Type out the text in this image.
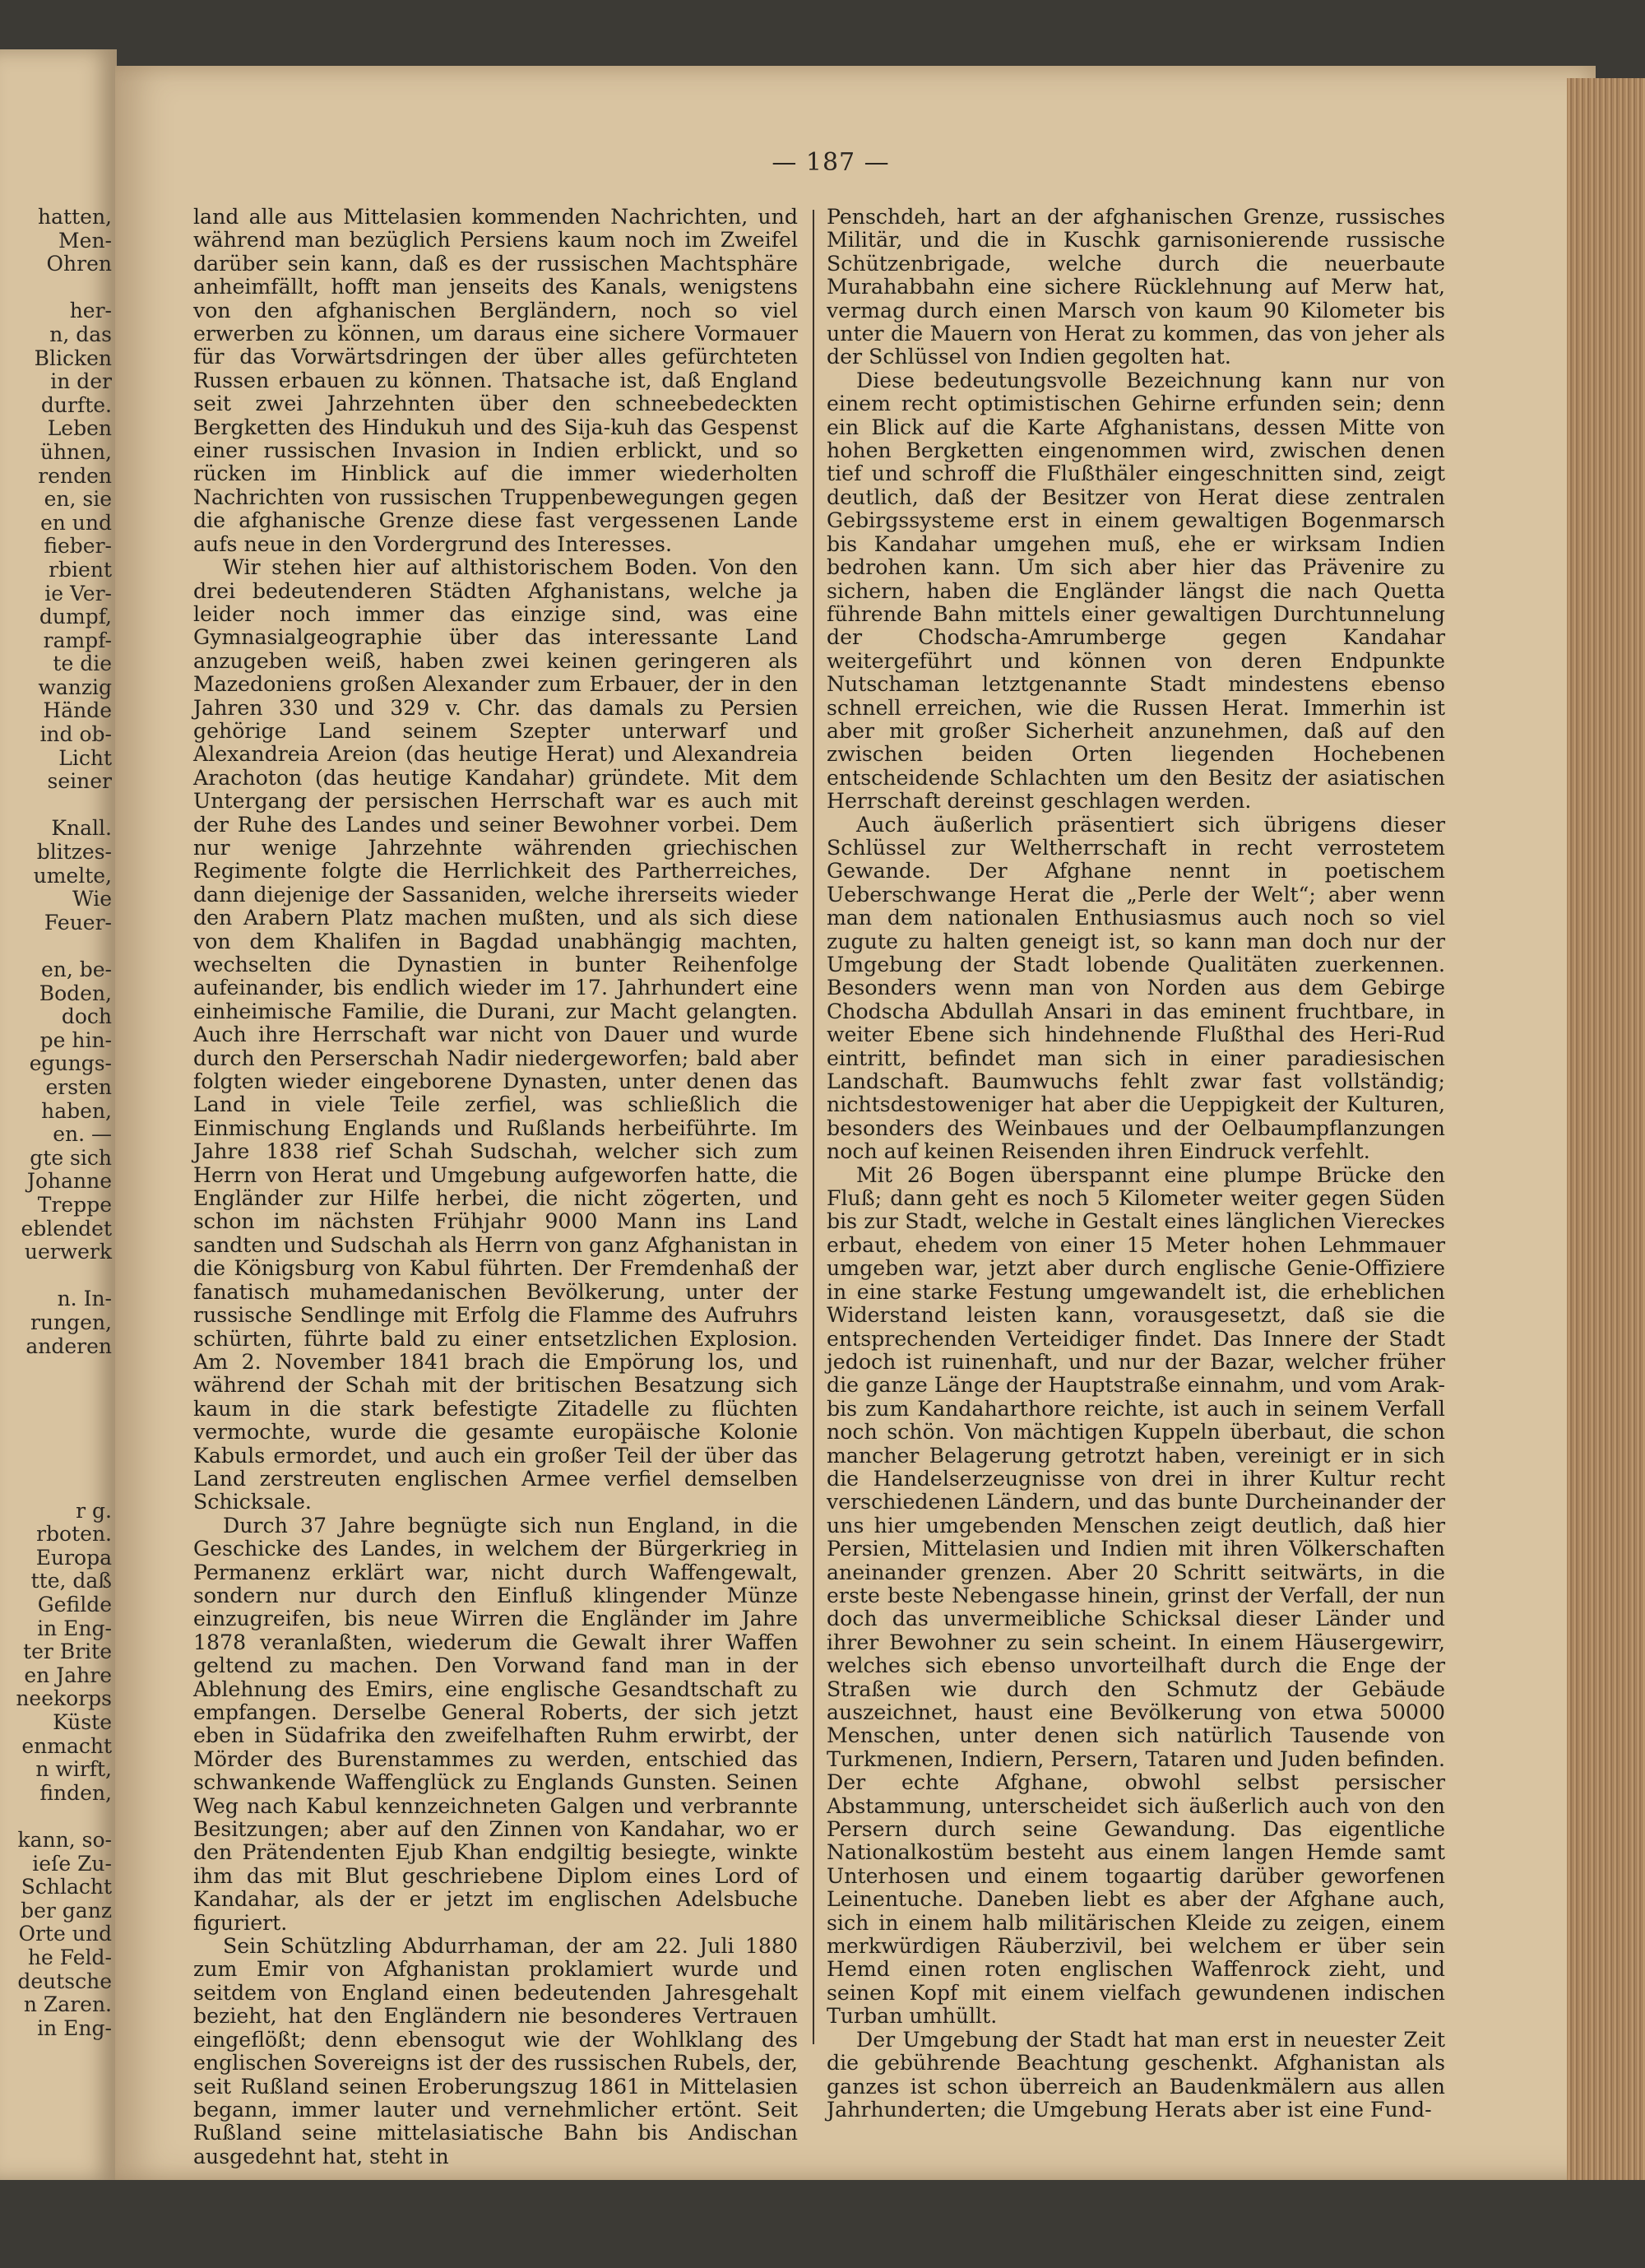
hatten,
Men-
Ohren
her-
n, das
Blicken
in der
durfte.
Leben
ühnen,
renden
en, sie
en und
fieber-
rbient
ie Ver-
dumpf,
rampf-
te die
wanzig
Hände
ind ob-
Licht
seiner
Knall.
blitzes-
umelte,
Wie
Feuer-
en, be-
Boden,
doch
pe hin-
egungs-
ersten
haben,
en. —
gte sich
Johanne
Treppe
eblendet
uerwerk
n. In-
rungen,
anderen
r g.
rboten.
Europa
tte, daß
Gefilde
in Eng-
ter Brite
en Jahre
neekorps
Küste
enmacht
n wirft,
finden,
kann, so-
ieſe Zu-
Schlacht
ber ganz
Orte und
he Feld-
deutsche
n Zaren.
in Eng-
— 187 —

land alle aus Mittelasien kommenden Nachrichten, und während man bezüglich Persiens kaum noch im Zweifel darüber sein kann, daß es der russischen Machtsphäre anheimfällt, hofft man jenseits des Kanals, wenigstens von den afghanischen Bergländern, noch so viel erwerben zu können, um daraus eine sichere Vormauer für das Vorwärtsdringen der über alles gefürchteten Russen erbauen zu können. Thatsache ist, daß England seit zwei Jahrzehnten über den schneebedeckten Bergketten des Hindukuh und des Sija-kuh das Gespenst einer russischen Invasion in Indien erblickt, und so rücken im Hinblick auf die immer wiederholten Nachrichten von russischen Truppenbewegungen gegen die afghanische Grenze diese fast vergessenen Lande aufs neue in den Vordergrund des Interesses.

Wir stehen hier auf althistorischem Boden. Von den drei bedeutenderen Städten Afghanistans, welche ja leider noch immer das einzige sind, was eine Gymnasialgeographie über das interessante Land anzugeben weiß, haben zwei keinen geringeren als Mazedoniens großen Alexander zum Erbauer, der in den Jahren 330 und 329 v. Chr. das damals zu Persien gehörige Land seinem Szepter unterwarf und Alexandreia Areion (das heutige Herat) und Alexandreia Arachoton (das heutige Kandahar) gründete. Mit dem Untergang der persischen Herrschaft war es auch mit der Ruhe des Landes und seiner Bewohner vorbei. Dem nur wenige Jahrzehnte währenden griechischen Regimente folgte die Herrlichkeit des Partherreiches, dann diejenige der Sassaniden, welche ihrerseits wieder den Arabern Platz machen mußten, und als sich diese von dem Khalifen in Bagdad unabhängig machten, wechselten die Dynastien in bunter Reihenfolge aufeinander, bis endlich wieder im 17. Jahrhundert eine einheimische Familie, die Durani, zur Macht gelangten. Auch ihre Herrschaft war nicht von Dauer und wurde durch den Perserschah Nadir niedergeworfen; bald aber folgten wieder eingeborene Dynasten, unter denen das Land in viele Teile zerfiel, was schließlich die Einmischung Englands und Rußlands herbeiführte. Im Jahre 1838 rief Schah Sudschah, welcher sich zum Herrn von Herat und Umgebung aufgeworfen hatte, die Engländer zur Hilfe herbei, die nicht zögerten, und schon im nächsten Frühjahr 9000 Mann ins Land sandten und Sudschah als Herrn von ganz Afghanistan in die Königsburg von Kabul führten. Der Fremdenhaß der fanatisch muhamedanischen Bevölkerung, unter der russische Sendlinge mit Erfolg die Flamme des Aufruhrs schürten, führte bald zu einer entsetzlichen Explosion. Am 2. November 1841 brach die Empörung los, und während der Schah mit der britischen Besatzung sich kaum in die stark befestigte Zitadelle zu flüchten vermochte, wurde die gesamte europäische Kolonie Kabuls ermordet, und auch ein großer Teil der über das Land zerstreuten englischen Armee verfiel demselben Schicksale.

Durch 37 Jahre begnügte sich nun England, in die Geschicke des Landes, in welchem der Bürgerkrieg in Permanenz erklärt war, nicht durch Waffengewalt, sondern nur durch den Einfluß klingender Münze einzugreifen, bis neue Wirren die Engländer im Jahre 1878 veranlaßten, wiederum die Gewalt ihrer Waffen geltend zu machen. Den Vorwand fand man in der Ablehnung des Emirs, eine englische Gesandtschaft zu empfangen. Derselbe General Roberts, der sich jetzt eben in Südafrika den zweifelhaften Ruhm erwirbt, der Mörder des Burenstammes zu werden, entschied das schwankende Waffenglück zu Englands Gunsten. Seinen Weg nach Kabul kennzeichneten Galgen und verbrannte Besitzungen; aber auf den Zinnen von Kandahar, wo er den Prätendenten Ejub Khan endgiltig besiegte, winkte ihm das mit Blut geschriebene Diplom eines Lord of Kandahar, als der er jetzt im englischen Adelsbuche figuriert.

Sein Schützling Abdurrhaman, der am 22. Juli 1880 zum Emir von Afghanistan proklamiert wurde und seitdem von England einen bedeutenden Jahresgehalt bezieht, hat den Engländern nie besonderes Vertrauen eingeflößt; denn ebensogut wie der Wohlklang des englischen Sovereigns ist der des russischen Rubels, der, seit Rußland seinen Eroberungszug 1861 in Mittelasien begann, immer lauter und vernehmlicher ertönt. Seit Rußland seine mittelasiatische Bahn bis Andischan ausgedehnt hat, steht in

Penschdeh, hart an der afghanischen Grenze, russisches Militär, und die in Kuschk garnisonierende russische Schützenbrigade, welche durch die neuerbaute Murahabbahn eine sichere Rücklehnung auf Merw hat, vermag durch einen Marsch von kaum 90 Kilometer bis unter die Mauern von Herat zu kommen, das von jeher als der Schlüssel von Indien gegolten hat.

Diese bedeutungsvolle Bezeichnung kann nur von einem recht optimistischen Gehirne erfunden sein; denn ein Blick auf die Karte Afghanistans, dessen Mitte von hohen Bergketten eingenommen wird, zwischen denen tief und schroff die Flußthäler eingeschnitten sind, zeigt deutlich, daß der Besitzer von Herat diese zentralen Gebirgssysteme erst in einem gewaltigen Bogenmarsch bis Kandahar umgehen muß, ehe er wirksam Indien bedrohen kann. Um sich aber hier das Prävenire zu sichern, haben die Engländer längst die nach Quetta führende Bahn mittels einer gewaltigen Durchtunnelung der Chodscha-Amrumberge gegen Kandahar weitergeführt und können von deren Endpunkte Nutschaman letztgenannte Stadt mindestens ebenso schnell erreichen, wie die Russen Herat. Immerhin ist aber mit großer Sicherheit anzunehmen, daß auf den zwischen beiden Orten liegenden Hochebenen entscheidende Schlachten um den Besitz der asiatischen Herrschaft dereinst geschlagen werden.

Auch äußerlich präsentiert sich übrigens dieser Schlüssel zur Weltherrschaft in recht verrostetem Gewande. Der Afghane nennt in poetischem Ueberschwange Herat die „Perle der Welt“; aber wenn man dem nationalen Enthusiasmus auch noch so viel zugute zu halten geneigt ist, so kann man doch nur der Umgebung der Stadt lobende Qualitäten zuerkennen. Besonders wenn man von Norden aus dem Gebirge Chodscha Abdullah Ansari in das eminent fruchtbare, in weiter Ebene sich hindehnende Flußthal des Heri-Rud eintritt, befindet man sich in einer paradiesischen Landschaft. Baumwuchs fehlt zwar fast vollständig; nichtsdestoweniger hat aber die Ueppigkeit der Kulturen, besonders des Weinbaues und der Oelbaumpflanzungen noch auf keinen Reisenden ihren Eindruck verfehlt.

Mit 26 Bogen überspannt eine plumpe Brücke den Fluß; dann geht es noch 5 Kilometer weiter gegen Süden bis zur Stadt, welche in Gestalt eines länglichen Viereckes erbaut, ehedem von einer 15 Meter hohen Lehmmauer umgeben war, jetzt aber durch englische Genie-Offiziere in eine starke Festung umgewandelt ist, die erheblichen Widerstand leisten kann, vorausgesetzt, daß sie die entsprechenden Verteidiger findet. Das Innere der Stadt jedoch ist ruinenhaft, und nur der Bazar, welcher früher die ganze Länge der Hauptstraße einnahm, und vom Arak- bis zum Kandaharthore reichte, ist auch in seinem Verfall noch schön. Von mächtigen Kuppeln überbaut, die schon mancher Belagerung getrotzt haben, vereinigt er in sich die Handelserzeugnisse von drei in ihrer Kultur recht verschiedenen Ländern, und das bunte Durcheinander der uns hier umgebenden Menschen zeigt deutlich, daß hier Persien, Mittelasien und Indien mit ihren Völkerschaften aneinander grenzen. Aber 20 Schritt seitwärts, in die erste beste Nebengasse hinein, grinst der Verfall, der nun doch das unvermeibliche Schicksal dieser Länder und ihrer Bewohner zu sein scheint. In einem Häusergewirr, welches sich ebenso unvorteilhaft durch die Enge der Straßen wie durch den Schmutz der Gebäude auszeichnet, haust eine Bevölkerung von etwa 50000 Menschen, unter denen sich natürlich Tausende von Turkmenen, Indiern, Persern, Tataren und Juden befinden. Der echte Afghane, obwohl selbst persischer Abstammung, unterscheidet sich äußerlich auch von den Persern durch seine Gewandung. Das eigentliche Nationalkostüm besteht aus einem langen Hemde samt Unterhosen und einem togaartig darüber geworfenen Leinentuche. Daneben liebt es aber der Afghane auch, sich in einem halb militärischen Kleide zu zeigen, einem merkwürdigen Räuberzivil, bei welchem er über sein Hemd einen roten englischen Waffenrock zieht, und seinen Kopf mit einem vielfach gewundenen indischen Turban umhüllt.

Der Umgebung der Stadt hat man erst in neuester Zeit die gebührende Beachtung geschenkt. Afghanistan als ganzes ist schon überreich an Baudenkmälern aus allen Jahrhunderten; die Umgebung Herats aber ist eine Fund-
